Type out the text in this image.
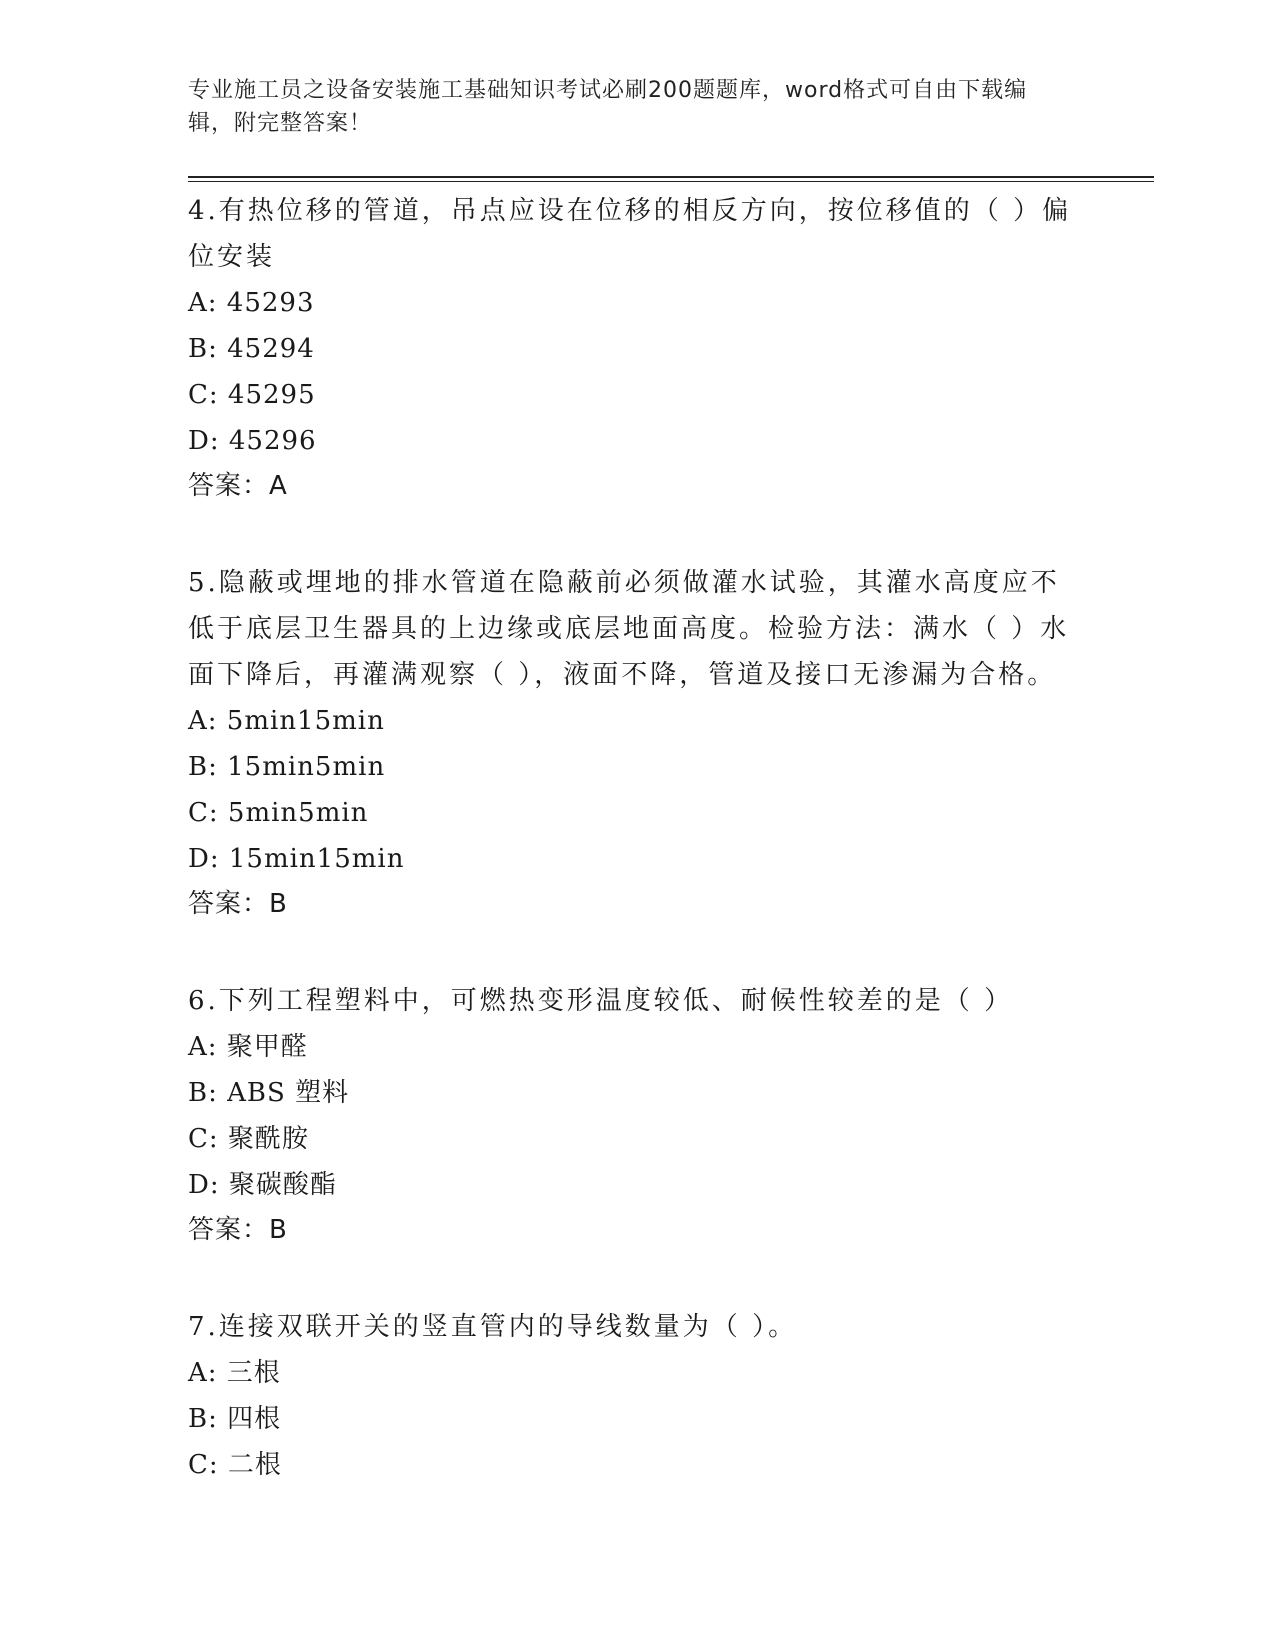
专业施工员之设备安装施工基础知识考试必刷200题题库，word格式可自由下载编辑，附完整答案！

4.有热位移的管道，吊点应设在位移的相反方向，按位移值的（ ）偏位安装

A: 45293

B: 45294

C: 45295

D: 45296

答案：A

5.隐蔽或埋地的排水管道在隐蔽前必须做灌水试验，其灌水高度应不低于底层卫生器具的上边缘或底层地面高度。检验方法：满水（ ）水面下降后，再灌满观察（ ），液面不降，管道及接口无渗漏为合格。

A: 5min15min

B: 15min5min

C: 5min5min

D: 15min15min

答案：B

6.下列工程塑料中，可燃热变形温度较低、耐候性较差的是（ ）

A: 聚甲醛

B: ABS 塑料

C: 聚酰胺

D: 聚碳酸酯

答案：B

7.连接双联开关的竖直管内的导线数量为（ ）。

A: 三根

B: 四根

C: 二根
